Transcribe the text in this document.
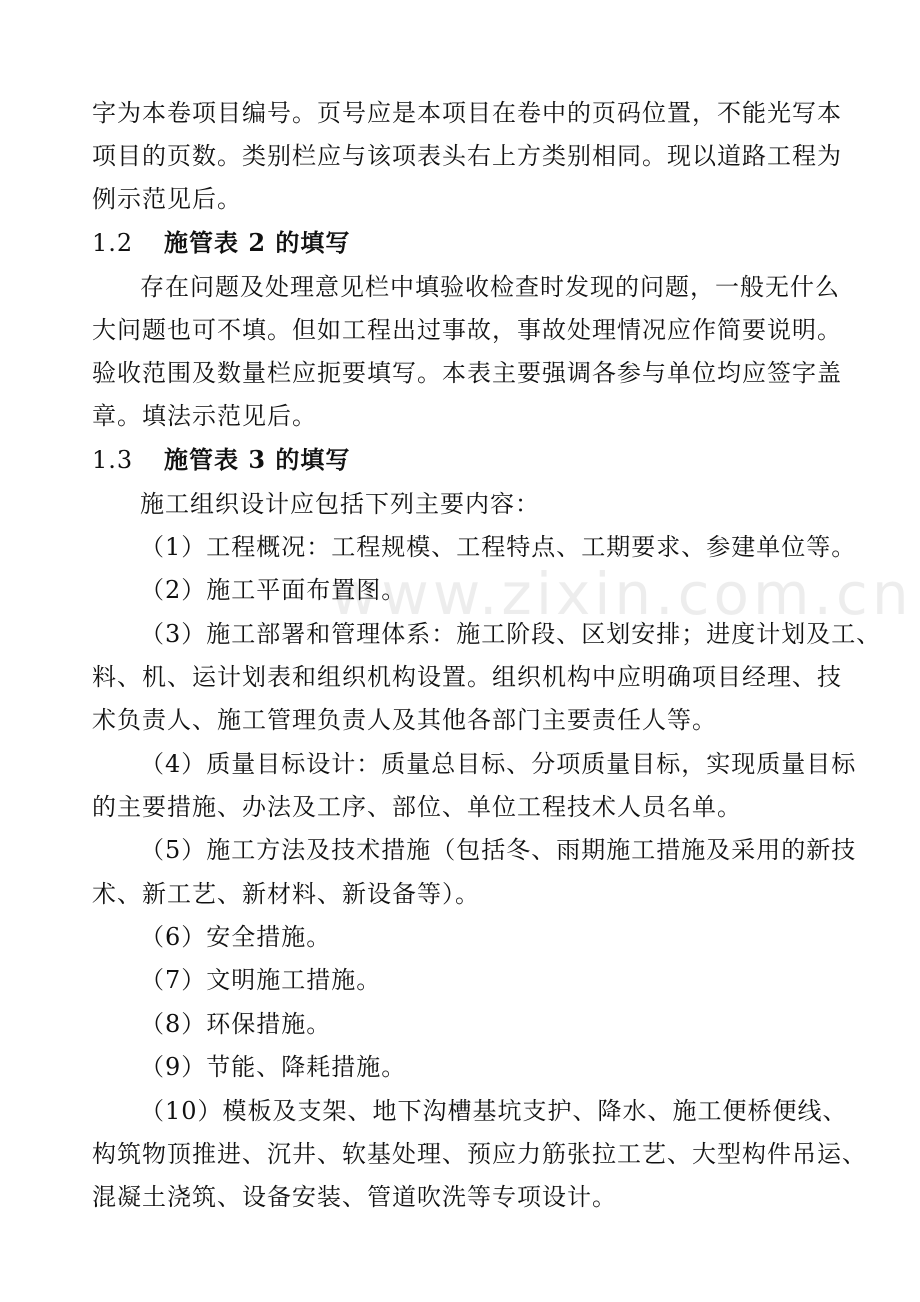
www.zixin.com.cn
字为本卷项目编号。页号应是本项目在卷中的页码位置，不能光写本
项目的页数。类别栏应与该项表头右上方类别相同。现以道路工程为
例示范见后。
1.2 施管表 2 的填写
存在问题及处理意见栏中填验收检查时发现的问题，一般无什么
大问题也可不填。但如工程出过事故，事故处理情况应作简要说明。
验收范围及数量栏应扼要填写。本表主要强调各参与单位均应签字盖
章。填法示范见后。
1.3 施管表 3 的填写
施工组织设计应包括下列主要内容：
（1）工程概况：工程规模、工程特点、工期要求、参建单位等。
（2）施工平面布置图。
（3）施工部署和管理体系：施工阶段、区划安排；进度计划及工、
料、机、运计划表和组织机构设置。组织机构中应明确项目经理、技
术负责人、施工管理负责人及其他各部门主要责任人等。
（4）质量目标设计：质量总目标、分项质量目标，实现质量目标
的主要措施、办法及工序、部位、单位工程技术人员名单。
（5）施工方法及技术措施（包括冬、雨期施工措施及采用的新技
术、新工艺、新材料、新设备等）。
（6）安全措施。
（7）文明施工措施。
（8）环保措施。
（9）节能、降耗措施。
（10）模板及支架、地下沟槽基坑支护、降水、施工便桥便线、
构筑物顶推进、沉井、软基处理、预应力筋张拉工艺、大型构件吊运、
混凝土浇筑、设备安装、管道吹洗等专项设计。
